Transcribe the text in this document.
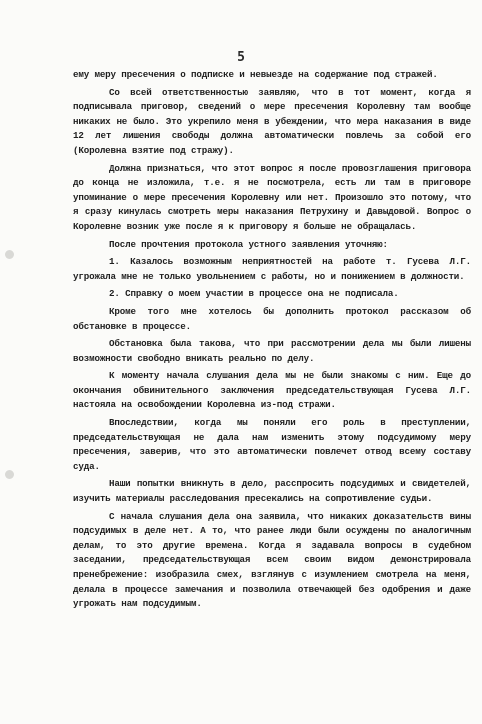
5

ему меру пресечения о подписке и невыезде на содержание под стражей.

Со всей ответственностью заявляю, что в тот момент, когда я подписывала приговор, сведений о мере пресечения Королевну там вообще никаких не было. Это укрепило меня в убеждении, что мера наказания в виде 12 лет лишения свободы должна автоматически повлечь за собой его (Королевна взятие под стражу).

Должна признаться, что этот вопрос я после провозглашения приговора до конца не изложила, т.е. я не посмотрела, есть ли там в приговоре упоминание о мере пресечения Королевну или нет. Произошло это потому, что я сразу кинулась смотреть меры наказания Петрухину и Давыдовой. Вопрос о Королевне возник уже после я к приговору я больше не обращалась.

После прочтения протокола устного заявления уточняю:

1. Казалось возможным неприятностей на работе т. Гусева Л.Г. угрожала мне не только увольнением с работы, но и понижением в должности.

2. Справку о моем участии в процессе она не подписала.

Кроме того мне хотелось бы дополнить протокол рассказом об обстановке в процессе.

Обстановка была такова, что при рассмотрении дела мы были лишены возможности свободно вникать реально по делу.

К моменту начала слушания дела мы не были знакомы с ним. Еще до окончания обвинительного заключения председательствующая Гусева Л.Г. настояла на освобождении Королевна из-под стражи.

Впоследствии, когда мы поняли его роль в преступлении, председательствующая не дала нам изменить этому подсудимому меру пресечения, заверив, что это автоматически повлечет отвод всему составу суда.

Наши попытки вникнуть в дело, расспросить подсудимых и свидетелей, изучить материалы расследования пресекались на сопротивление судьи.

С начала слушания дела она заявила, что никаких доказательств вины подсудимых в деле нет. А то, что ранее люди были осуждены по аналогичным делам, то это другие времена. Когда я задавала вопросы в судебном заседании, председательствующая всем своим видом демонстрировала пренебрежение: изобразила смех, взглянув с изумлением смотрела на меня, делала в процессе замечания и позволила отвечающей без одобрения и даже угрожать нам подсудимым.
